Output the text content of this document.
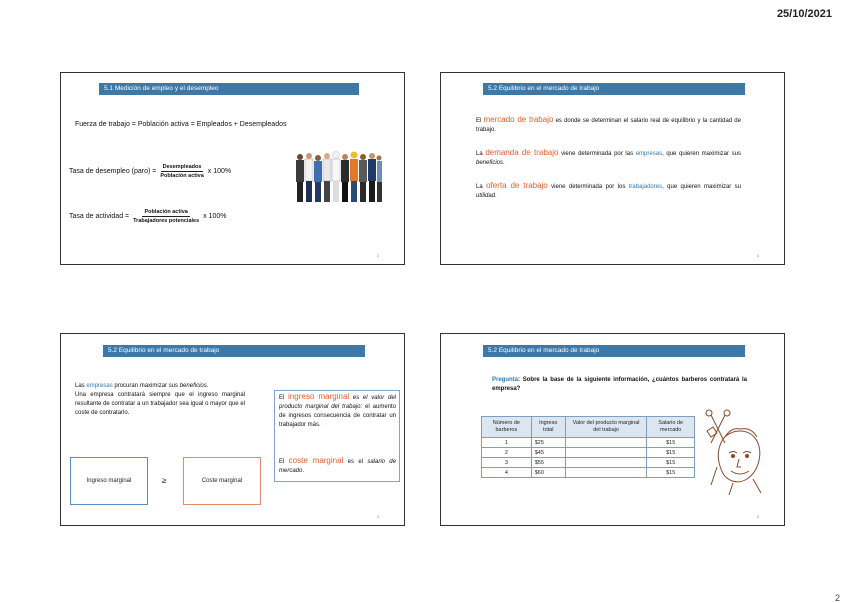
25/10/2021
5.1 Medición de empleo y el desempleo
Fuerza de trabajo = Población activa = Empleados + Desempleados
Tasa de desempleo (paro) = $\frac{\text{Desempleados}}{\text{Población activa}}$ x 100%
Tasa de actividad = $\frac{\text{Población activa}}{\text{Trabajadores potenciales}}$ x 100%
2
5.2 Equilibrio en el mercado de trabajo
El mercado de trabajo es donde se determinan el salario real de equilibrio y la cantidad de trabajo.
La demanda de trabajo viene determinada por las empresas, que quieren maximizar sus beneficios.
La oferta de trabajo viene determinada por los trabajadores, que quieren maximizar su utilidad.
3
5.2 Equilibrio en el mercado de trabajo
Las empresas procuran maximizar sus beneficios.
Una empresa contratará siempre que el ingreso marginal resultante de contratar a un trabajador sea igual o mayor que el coste de contratarlo.
El ingreso marginal es el valor del producto marginal del trabajo: el aumento de ingresos consecuencia de contratar un trabajador más.
El coste marginal es el salario de mercado.
Ingreso marginal	≥	Coste marginal
4
5.2 Equilibrio en el mercado de trabajo
Pregunta: Sobre la base de la siguiente información, ¿cuántos barberos contratará la empresa?
Número de barberos	Ingreso total	Valor del producto marginal del trabajo	Salario de mercado
1	$25		$15
2	$45		$15
3	$55		$15
4	$60		$15
5
2
